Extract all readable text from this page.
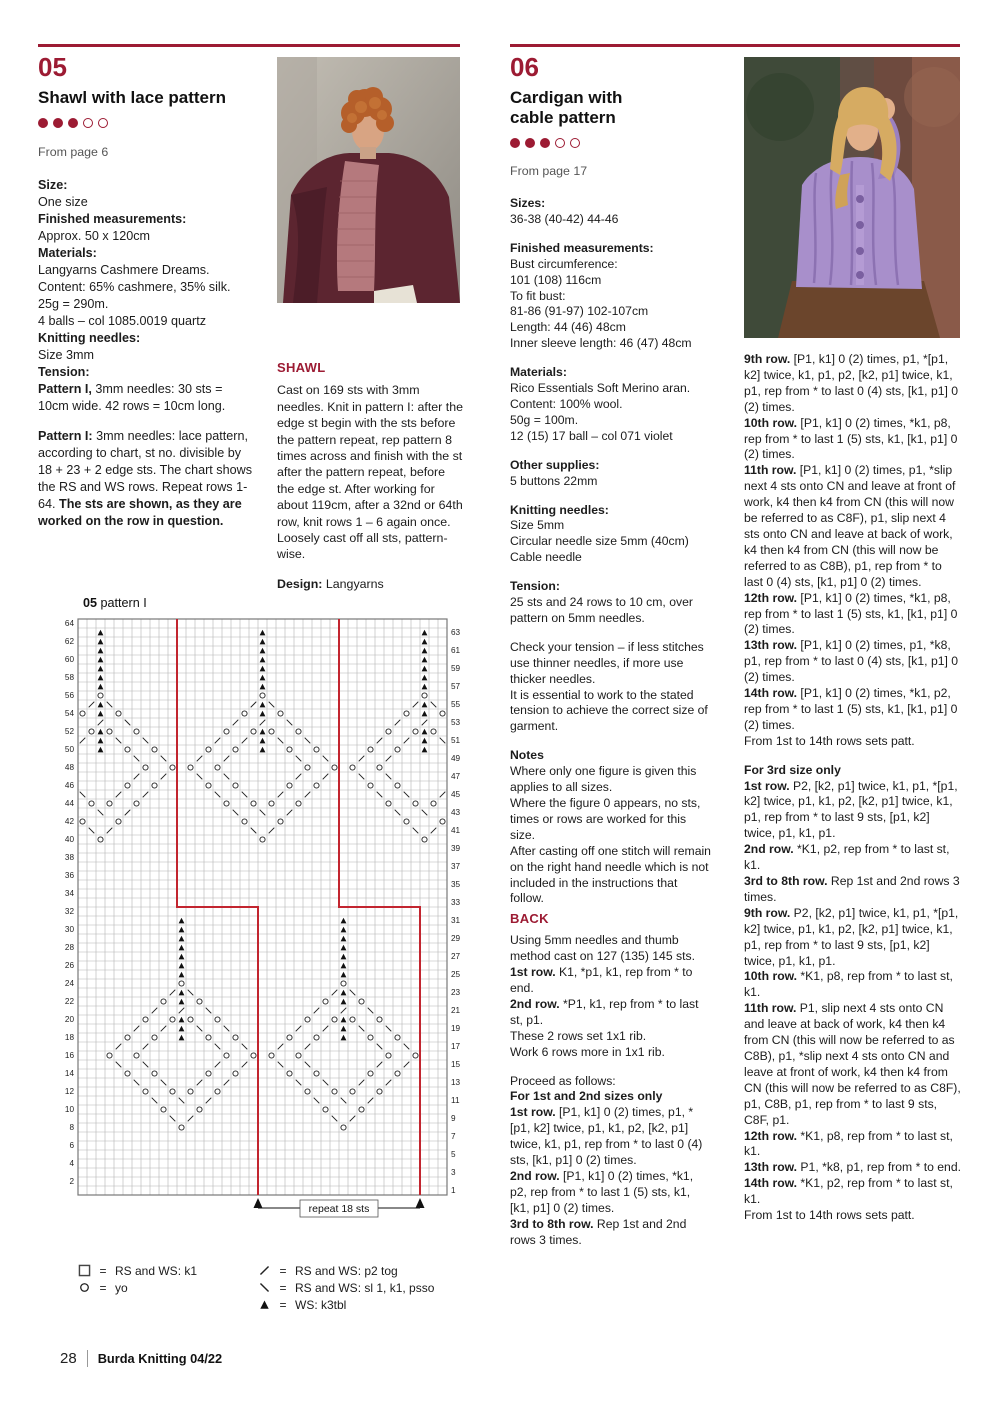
05
Shawl with lace pattern
From page 6

Size:

One size

Finished measurements:

Approx. 50 x 120cm

Materials:

Langyarns Cashmere Dreams.

Content: 65% cashmere, 35% silk.

25g = 290m.

4 balls – col 1085.0019 quartz

Knitting needles:

Size 3mm

Tension:

Pattern I, 3mm needles: 30 sts = 10cm wide. 42 rows = 10cm long.

Pattern I: 3mm needles: lace pattern, according to chart, st no. divisible by 18 + 23 + 2 edge sts. The chart shows the RS and WS rows. Repeat rows 1- 64. The sts are shown, as they are worked on the row in question.

SHAWL

Cast on 169 sts with 3mm needles. Knit in pattern I: after the edge st begin with the sts before the pattern repeat, rep pattern 8 times across and finish with the st after the pattern repeat, before the edge st. After working for about 119cm, after a 32nd or 64th row, knit rows 1 – 6 again once. Loosely cast off all sts, pattern-wise.

Design: Langyarns

05 pattern I
64
62
60
58
56
54
52
50
48
46
44
42
40
38
36
34
32
30
28
26
24
22
20
18
16
14
12
10
8
6
4
2
63
61
59
57
55
53
51
49
47
45
43
41
39
37
35
33
31
29
27
25
23
21
19
17
15
13
11
9
7
5
3
1
repeat 18 sts
= RS and WS: k1
= yo
= RS and WS: p2 tog
= RS and WS: sl 1, k1, psso
= WS: k3tbl
06
Cardigan with
cable pattern
From page 17

Sizes:

36-38 (40-42) 44-46

Finished measurements:

Bust circumference:

101 (108) 116cm

To fit bust:

81-86 (91-97) 102-107cm

Length: 44 (46) 48cm

Inner sleeve length: 46 (47) 48cm

Materials:

Rico Essentials Soft Merino aran.

Content: 100% wool.

50g = 100m.

12 (15) 17 ball – col 071 violet

Other supplies:

5 buttons 22mm

Knitting needles:

Size 5mm

Circular needle size 5mm (40cm)

Cable needle

Tension:

25 sts and 24 rows to 10 cm, over pattern on 5mm needles.

Check your tension – if less stitches use thinner needles, if more use thicker needles.

It is essential to work to the stated tension to achieve the correct size of garment.

Notes

Where only one figure is given this applies to all sizes.

Where the figure 0 appears, no sts, times or rows are worked for this size.

After casting off one stitch will remain on the right hand needle which is not included in the instructions that follow.

BACK

Using 5mm needles and thumb method cast on 127 (135) 145 sts.

1st row. K1, *p1, k1, rep from * to end.

2nd row. *P1, k1, rep from * to last st, p1.

These 2 rows set 1x1 rib.

Work 6 rows more in 1x1 rib.

Proceed as follows:

For 1st and 2nd sizes only

1st row. [P1, k1] 0 (2) times, p1, *[p1, k2] twice, p1, k1, p2, [k2, p1] twice, k1, p1, rep from * to last 0 (4) sts, [k1, p1] 0 (2) times.

2nd row. [P1, k1] 0 (2) times, *k1, p2, rep from * to last 1 (5) sts, k1, [k1, p1] 0 (2) times.

3rd to 8th row. Rep 1st and 2nd rows 3 times.

9th row. [P1, k1] 0 (2) times, p1, *[p1, k2] twice, k1, p1, p2, [k2, p1] twice, k1, p1, rep from * to last 0 (4) sts, [k1, p1] 0 (2) times.

10th row. [P1, k1] 0 (2) times, *k1, p8, rep from * to last 1 (5) sts, k1, [k1, p1] 0 (2) times.

11th row. [P1, k1] 0 (2) times, p1, *slip next 4 sts onto CN and leave at front of work, k4 then k4 from CN (this will now be referred to as C8F), p1, slip next 4 sts onto CN and leave at back of work, k4 then k4 from CN (this will now be referred to as C8B), p1, rep from * to last 0 (4) sts, [k1, p1] 0 (2) times.

12th row. [P1, k1] 0 (2) times, *k1, p8, rep from * to last 1 (5) sts, k1, [k1, p1] 0 (2) times.

13th row. [P1, k1] 0 (2) times, p1, *k8, p1, rep from * to last 0 (4) sts, [k1, p1] 0 (2) times.

14th row. [P1, k1] 0 (2) times, *k1, p2, rep from * to last 1 (5) sts, k1, [k1, p1] 0 (2) times.

From 1st to 14th rows sets patt.

For 3rd size only

1st row. P2, [k2, p1] twice, k1, p1, *[p1, k2] twice, p1, k1, p2, [k2, p1] twice, k1, p1, rep from * to last 9 sts, [p1, k2] twice, p1, k1, p1.

2nd row. *K1, p2, rep from * to last st, k1.

3rd to 8th row. Rep 1st and 2nd rows 3 times.

9th row. P2, [k2, p1] twice, k1, p1, *[p1, k2] twice, p1, k1, p2, [k2, p1] twice, k1, p1, rep from * to last 9 sts, [p1, k2] twice, p1, k1, p1.

10th row. *K1, p8, rep from * to last st, k1.

11th row. P1, slip next 4 sts onto CN and leave at back of work, k4 then k4 from CN (this will now be referred to as C8B), p1, *slip next 4 sts onto CN and leave at front of work, k4 then k4 from CN (this will now be referred to as C8F), p1, C8B, p1, rep from * to last 9 sts, C8F, p1.

12th row. *K1, p8, rep from * to last st, k1.

13th row. P1, *k8, p1, rep from * to end.

14th row. *K1, p2, rep from * to last st, k1.

From 1st to 14th rows sets patt.

28 Burda Knitting 04/22
